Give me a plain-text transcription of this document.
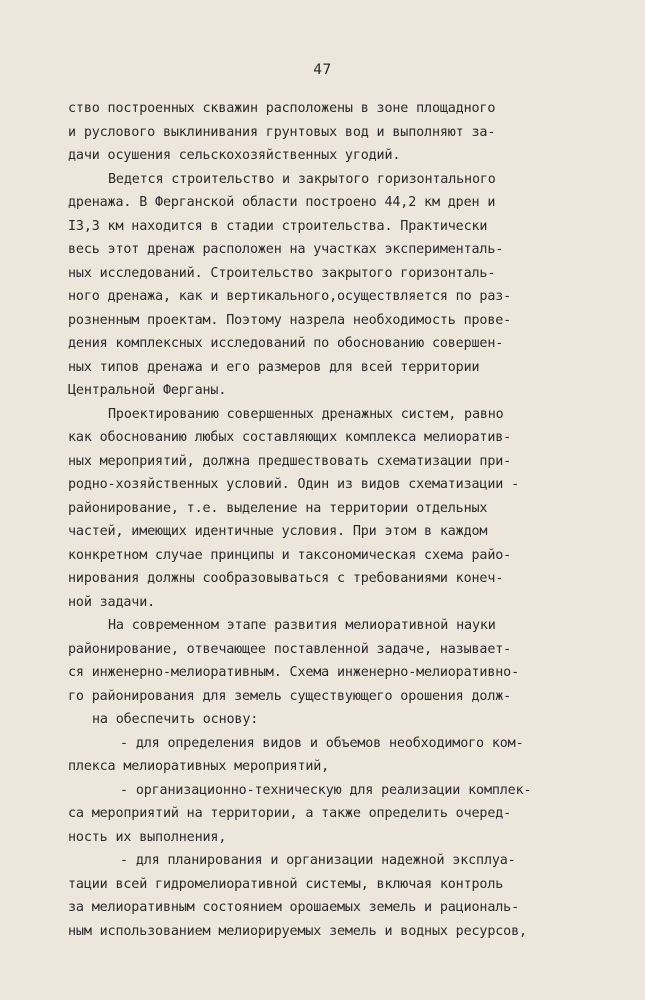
47
ство построенных скважин расположены в зоне площадного
и руслового выклинивания грунтовых вод и выполняют за-
дачи осушения сельскохозяйственных угодий.
Ведется строительство и закрытого горизонтального
дренажа. В Ферганской области построено 44,2 км дрен и
I3,3 км находится в стадии строительства. Практически
весь этот дренаж расположен на участках эксперименталь-
ных исследований. Строительство закрытого горизонталь-
ного дренажа, как и вертикального,осуществляется по раз-
розненным проектам. Поэтому назрела необходимость прове-
дения комплексных исследований по обоснованию совершен-
ных типов дренажа и его размеров для всей территории
Центральной Ферганы.
Проектированию совершенных дренажных систем, равно
как обоснованию любых составляющих комплекса мелиоратив-
ных мероприятий, должна предшествовать схематизации при-
родно-хозяйственных условий. Один из видов схематизации -
районирование, т.е. выделение на территории отдельных
частей, имеющих идентичные условия. При этом в каждом
конкретном случае принципы и таксономическая схема райо-
нирования должны сообразовываться с требованиями конеч-
ной задачи.
На современном этапе развития мелиоративной науки
районирование, отвечающее поставленной задаче, называет-
ся инженерно-мелиоративным. Схема инженерно-мелиоративно-
го районирования для земель существующего орошения долж-
на обеспечить основу:
- для определения видов и объемов необходимого ком-
плекса мелиоративных мероприятий,
- организационно-техническую для реализации комплек-
са мероприятий на территории, а также определить очеред-
ность их выполнения,
- для планирования и организации надежной эксплуа-
тации всей гидромелиоративной системы, включая контроль
за мелиоративным состоянием орошаемых земель и рациональ-
ным использованием мелиорируемых земель и водных ресурсов,
